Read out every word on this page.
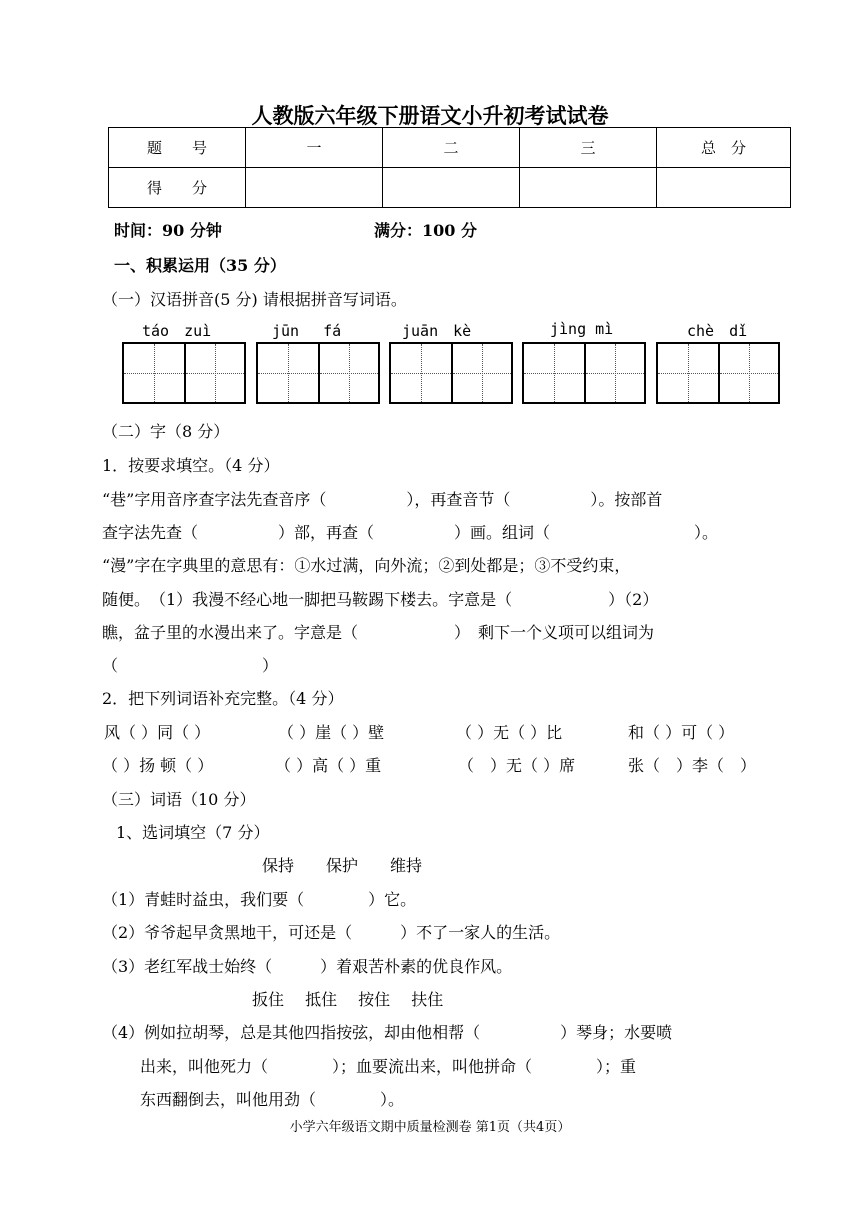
人教版六年级下册语文小升初考试试卷
题　　号	一	二	三	总　分
得　　分				
时间：90 分钟	满分：100 分
一、积累运用（35 分）
（一）汉语拼音(5 分) 请根据拼音写词语。
táo　zuì	jūn　 fá	juān　kè	jìng mì	chè　dǐ
（二）字（8 分）
1．按要求填空。（4 分）
“巷”字用音序查字法先查音序（　　　　　），再查音节（　　　　　）。按部首
查字法先查（　　　　　）部，再查（　　　　　）画。组词（　　　　　　　　　）。
“漫”字在字典里的意思有：①水过满，向外流；②到处都是；③不受约束，
随便。　（1）我漫不经心地一脚把马鞍踢下楼去。字意是（　　　　　　）（2）
瞧，盆子里的水漫出来了。字意是（　　　　　　）　剩下一个义项可以组词为
（　　　　　　　　　）
2．把下列词语补充完整。（4 分）
风（ ）同（ ）	（ ）崖（ ）壁	（ ）无（ ）比	和（ ）可（ ）
（ ）扬 顿（ ）	（ ）高（ ）重	（　）无（ ）席	张（　）李（　）
（三）词语（10 分）
1、选词填空（7 分）
保持　　保护　　维持
（1）青蛙时益虫，我们要（　　　　）它。
（2）爷爷起早贪黑地干，可还是（　　　）不了一家人的生活。
（3）老红军战士始终（　　　）着艰苦朴素的优良作风。
扳住　 抵住　 按住　 扶住
（4）例如拉胡琴，总是其他四指按弦，却由他相帮（　　　　　）琴身；水要喷
出来，叫他死力（　　　　）；血要流出来，叫他拼命（　　　　）；重
东西翻倒去，叫他用劲（　　　　）。
小学六年级语文期中质量检测卷 第1页（共4页）
